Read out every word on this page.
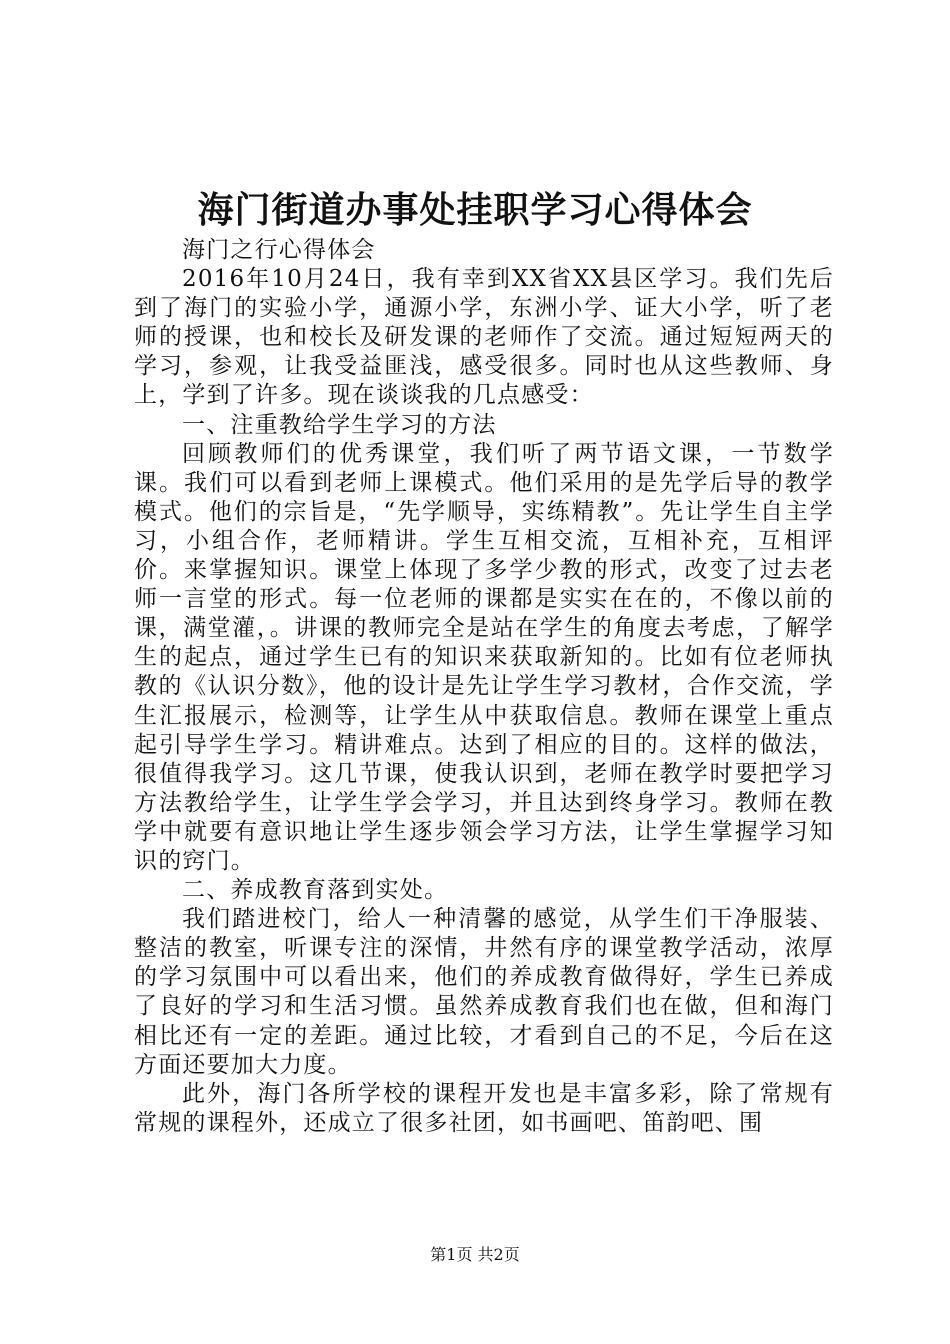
海门街道办事处挂职学习心得体会

海门之行心得体会

2016年10月24日，我有幸到XX省XX县区学习。我们先后到了海门的实验小学，通源小学，东洲小学、证大小学，听了老师的授课，也和校长及研发课的老师作了交流。通过短短两天的学习，参观，让我受益匪浅，感受很多。同时也从这些教师、身上，学到了许多。现在谈谈我的几点感受：

一、注重教给学生学习的方法

回顾教师们的优秀课堂，我们听了两节语文课，一节数学课。我们可以看到老师上课模式。他们采用的是先学后导的教学模式。他们的宗旨是，“先学顺导，实练精教”。先让学生自主学习，小组合作，老师精讲。学生互相交流，互相补充，互相评价。来掌握知识。课堂上体现了多学少教的形式，改变了过去老师一言堂的形式。每一位老师的课都是实实在在的，不像以前的课，满堂灌，。讲课的教师完全是站在学生的角度去考虑，了解学生的起点，通过学生已有的知识来获取新知的。比如有位老师执教的《认识分数》，他的设计是先让学生学习教材，合作交流，学生汇报展示，检测等，让学生从中获取信息。教师在课堂上重点起引导学生学习。精讲难点。达到了相应的目的。这样的做法，很值得我学习。这几节课，使我认识到，老师在教学时要把学习方法教给学生，让学生学会学习，并且达到终身学习。教师在教学中就要有意识地让学生逐步领会学习方法，让学生掌握学习知识的窍门。

二、养成教育落到实处。

我们踏进校门，给人一种清馨的感觉，从学生们干净服装、整洁的教室，听课专注的深情，井然有序的课堂教学活动，浓厚的学习氛围中可以看出来，他们的养成教育做得好，学生已养成了良好的学习和生活习惯。虽然养成教育我们也在做，但和海门相比还有一定的差距。通过比较，才看到自己的不足，今后在这方面还要加大力度。

此外，海门各所学校的课程开发也是丰富多彩，除了常规有常规的课程外，还成立了很多社团，如书画吧、笛韵吧、围

第1页 共2页
